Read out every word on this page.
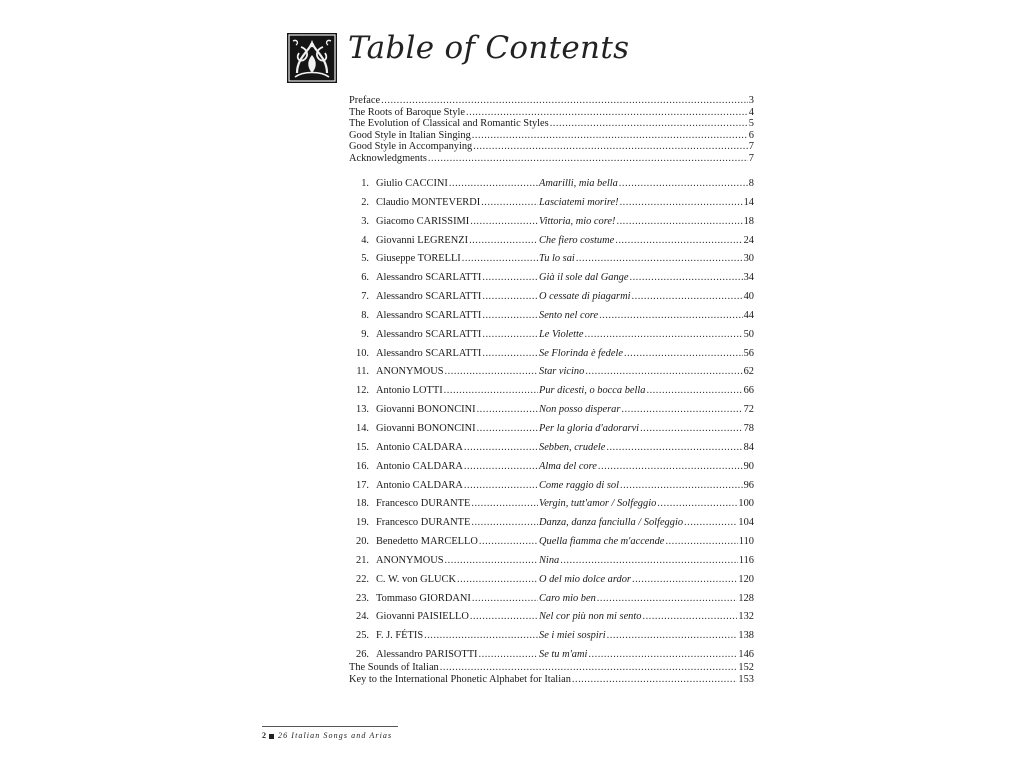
Table of Contents
Preface .....	3
The Roots of Baroque Style .....	4
The Evolution of Classical and Romantic Styles .....	5
Good Style in Italian Singing .....	6
Good Style in Accompanying .....	7
Acknowledgments .....	7
1. Giulio CACCINI .....	Amarilli, mia bella .....	8
2. Claudio MONTEVERDI .....	Lasciatemi morire! .....	14
3. Giacomo CARISSIMI .....	Vittoria, mio core! .....	18
4. Giovanni LEGRENZI .....	Che fiero costume .....	24
5. Giuseppe TORELLI .....	Tu lo sai .....	30
6. Alessandro SCARLATTI .....	Già il sole dal Gange .....	34
7. Alessandro SCARLATTI .....	O cessate di piagarmi .....	40
8. Alessandro SCARLATTI .....	Sento nel core .....	44
9. Alessandro SCARLATTI .....	Le Violette .....	50
10. Alessandro SCARLATTI .....	Se Florinda è fedele .....	56
11. ANONYMOUS .....	Star vicino .....	62
12. Antonio LOTTI .....	Pur dicesti, o bocca bella .....	66
13. Giovanni BONONCINI .....	Non posso disperar .....	72
14. Giovanni BONONCINI .....	Per la gloria d'adorarvi .....	78
15. Antonio CALDARA .....	Sebben, crudele .....	84
16. Antonio CALDARA .....	Alma del core .....	90
17. Antonio CALDARA .....	Come raggio di sol .....	96
18. Francesco DURANTE .....	Vergin, tutt'amor / Solfeggio .....	100
19. Francesco DURANTE .....	Danza, danza fanciulla / Solfeggio .....	104
20. Benedetto MARCELLO .....	Quella fiamma che m'accende .....	110
21. ANONYMOUS .....	Nina .....	116
22. C. W. von GLUCK .....	O del mio dolce ardor .....	120
23. Tommaso GIORDANI .....	Caro mio ben .....	128
24. Giovanni PAISIELLO .....	Nel cor più non mi sento .....	132
25. F. J. FÉTIS .....	Se i miei sospiri .....	138
26. Alessandro PARISOTTI .....	Se tu m'ami .....	146
The Sounds of Italian .....	152
Key to the International Phonetic Alphabet for Italian .....	153
2 26 Italian Songs and Arias
